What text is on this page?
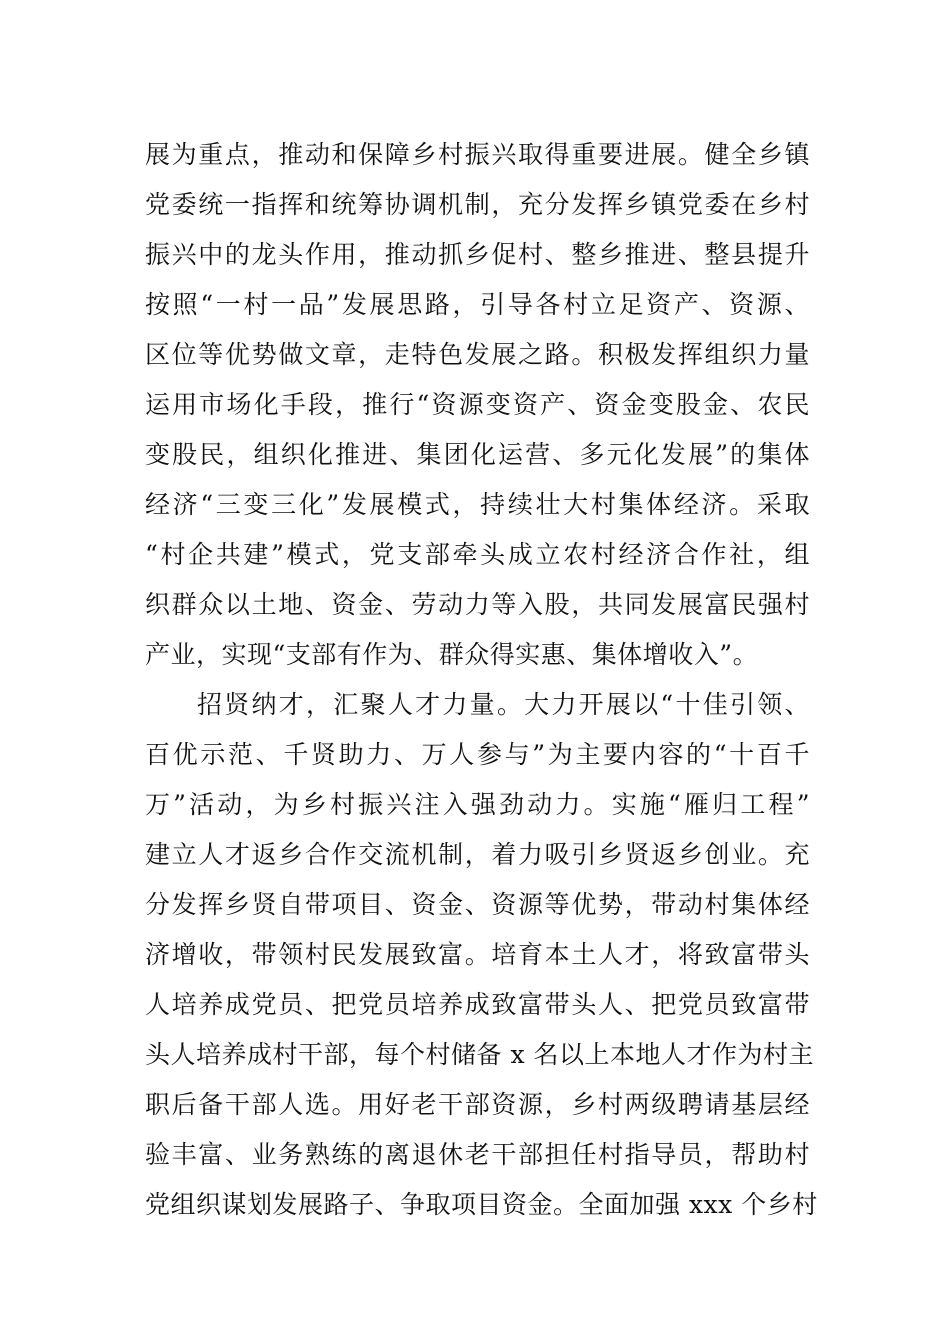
展为重点，推动和保障乡村振兴取得重要进展。健全乡镇
党委统一指挥和统筹协调机制，充分发挥乡镇党委在乡村
振兴中的龙头作用，推动抓乡促村、整乡推进、整县提升
按照“一村一品”发展思路，引导各村立足资产、资源、
区位等优势做文章，走特色发展之路。积极发挥组织力量
运用市场化手段，推行“资源变资产、资金变股金、农民
变股民，组织化推进、集团化运营、多元化发展”的集体
经济“三变三化”发展模式，持续壮大村集体经济。采取
“村企共建”模式，党支部牵头成立农村经济合作社，组
织群众以土地、资金、劳动力等入股，共同发展富民强村
产业，实现“支部有作为、群众得实惠、集体增收入”。
招贤纳才，汇聚人才力量。大力开展以“十佳引领、
百优示范、千贤助力、万人参与”为主要内容的“十百千
万”活动，为乡村振兴注入强劲动力。实施“雁归工程”
建立人才返乡合作交流机制，着力吸引乡贤返乡创业。充
分发挥乡贤自带项目、资金、资源等优势，带动村集体经
济增收，带领村民发展致富。培育本土人才，将致富带头
人培养成党员、把党员培养成致富带头人、把党员致富带
头人培养成村干部，每个村储备 x 名以上本地人才作为村主
职后备干部人选。用好老干部资源，乡村两级聘请基层经
验丰富、业务熟练的离退休老干部担任村指导员，帮助村
党组织谋划发展路子、争取项目资金。全面加强 xxx 个乡村
